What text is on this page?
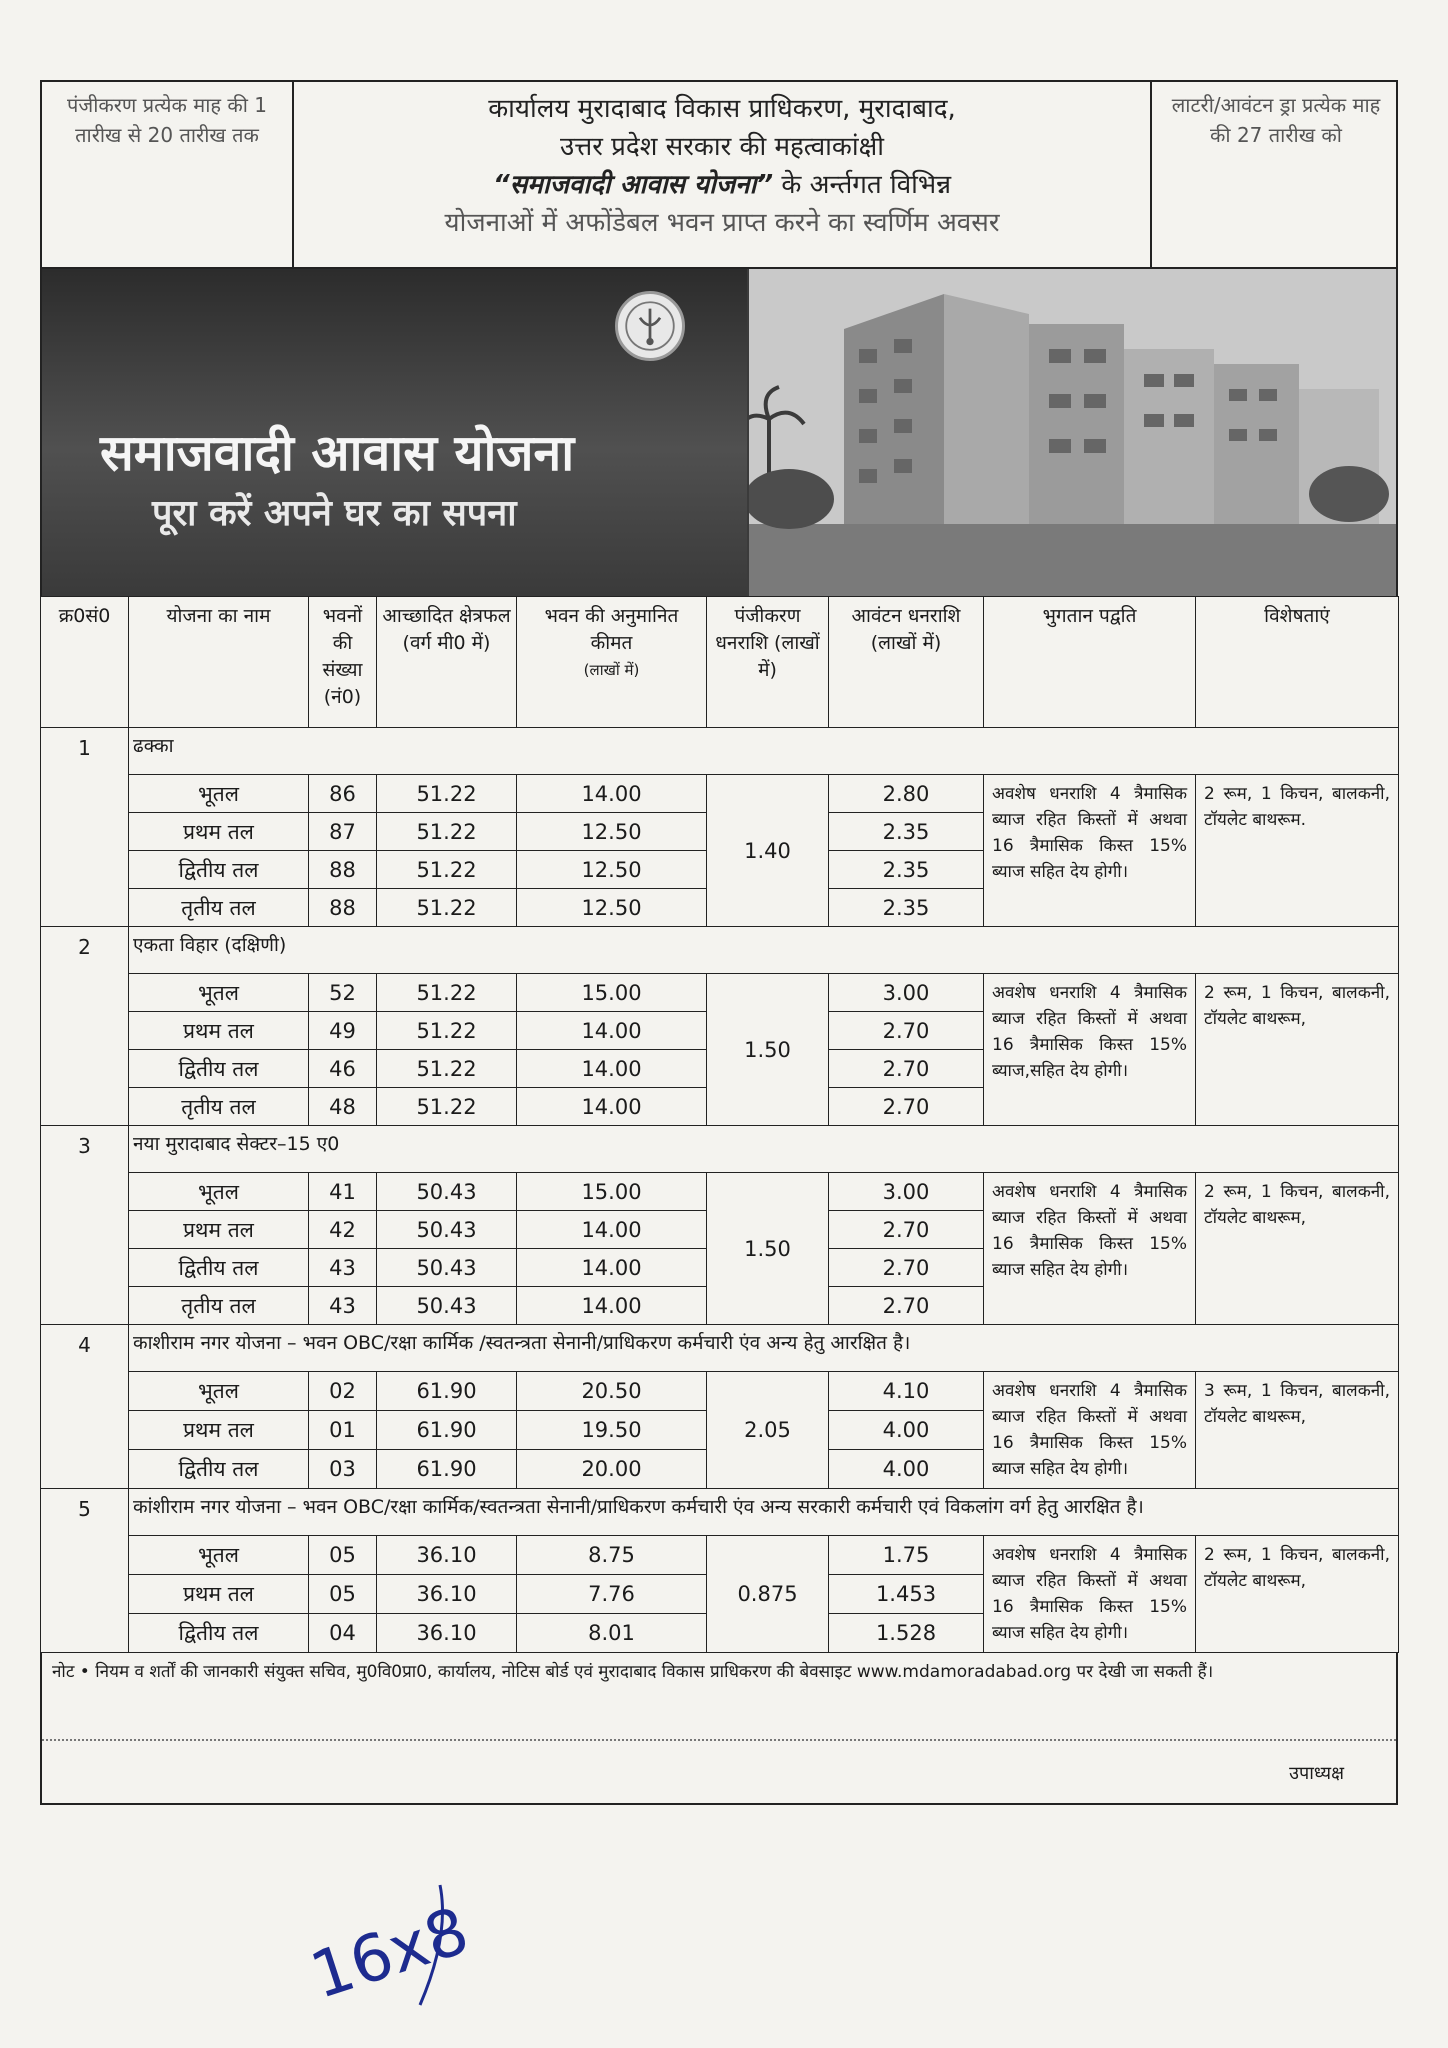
पंजीकरण प्रत्येक माह की 1 तारीख से 20 तारीख तक
कार्यालय मुरादाबाद विकास प्राधिकरण, मुरादाबाद,
उत्तर प्रदेश सरकार की महत्वाकांक्षी
“समाजवादी आवास योजना” के अर्न्तगत विभिन्न
योजनाओं में अफोंडेबल भवन प्राप्त करने का स्वर्णिम अवसर
लाटरी/आवंटन ड्रा प्रत्येक माह की 27 तारीख को
समाजवादी आवास योजना
पूरा करें अपने घर का सपना
क्र0सं0	योजना का नाम	भवनों की संख्या (नं0)	आच्छादित क्षेत्रफल (वर्ग मी0 में)	भवन की अनुमानित कीमत
(लाखों में)	पंजीकरण धनराशि (लाखों में)	आवंटन धनराशि (लाखों में)	भुगतान पद्वति	विशेषताएं
1	ढक्का							
	भूतल	86	51.22	14.00	1.40	2.80	अवशेष धनराशि 4 त्रैमासिक ब्याज रहित किस्तों में अथवा 16 त्रैमासिक किस्त 15% ब्याज सहित देय होगी।	2 रूम, 1 किचन, बालकनी, टॉयलेट बाथरूम.
	प्रथम तल	87	51.22	12.50		2.35		
	द्वितीय तल	88	51.22	12.50		2.35		
	तृतीय तल	88	51.22	12.50		2.35		
2	एकता विहार (दक्षिणी)							
	भूतल	52	51.22	15.00	1.50	3.00	अवशेष धनराशि 4 त्रैमासिक ब्याज रहित किस्तों में अथवा 16 त्रैमासिक किस्त 15% ब्याज,सहित देय होगी।	2 रूम, 1 किचन, बालकनी, टॉयलेट बाथरूम,
	प्रथम तल	49	51.22	14.00		2.70		
	द्वितीय तल	46	51.22	14.00		2.70		
	तृतीय तल	48	51.22	14.00		2.70		
3	नया मुरादाबाद सेक्टर–15 ए0							
	भूतल	41	50.43	15.00	1.50	3.00	अवशेष धनराशि 4 त्रैमासिक ब्याज रहित किस्तों में अथवा 16 त्रैमासिक किस्त 15% ब्याज सहित देय होगी।	2 रूम, 1 किचन, बालकनी, टॉयलेट बाथरूम,
	प्रथम तल	42	50.43	14.00		2.70		
	द्वितीय तल	43	50.43	14.00		2.70		
	तृतीय तल	43	50.43	14.00		2.70		
4	काशीराम नगर योजना – भवन OBC/रक्षा कार्मिक /स्वतन्त्रता सेनानी/प्राधिकरण कर्मचारी एंव अन्य हेतु आरक्षित है।							
	भूतल	02	61.90	20.50	2.05	4.10	अवशेष धनराशि 4 त्रैमासिक ब्याज रहित किस्तों में अथवा 16 त्रैमासिक किस्त 15% ब्याज सहित देय होगी।	3 रूम, 1 किचन, बालकनी, टॉयलेट बाथरूम,
	प्रथम तल	01	61.90	19.50		4.00		
	द्वितीय तल	03	61.90	20.00		4.00		
5	कांशीराम नगर योजना – भवन OBC/रक्षा कार्मिक/स्वतन्त्रता सेनानी/प्राधिकरण कर्मचारी एंव अन्य सरकारी कर्मचारी एवं विकलांग वर्ग हेतु आरक्षित है।							
	भूतल	05	36.10	8.75	0.875	1.75	अवशेष धनराशि 4 त्रैमासिक ब्याज रहित किस्तों में अथवा 16 त्रैमासिक किस्त 15% ब्याज सहित देय होगी।	2 रूम, 1 किचन, बालकनी, टॉयलेट बाथरूम,
	प्रथम तल	05	36.10	7.76		1.453		
	द्वितीय तल	04	36.10	8.01		1.528		
नोट • नियम व शर्तों की जानकारी संयुक्त सचिव, मु0वि0प्रा0, कार्यालय, नोटिस बोर्ड एवं मुरादाबाद विकास प्राधिकरण की बेवसाइट www.mdamoradabad.org पर देखी जा सकती हैं।
उपाध्यक्ष
16x8
